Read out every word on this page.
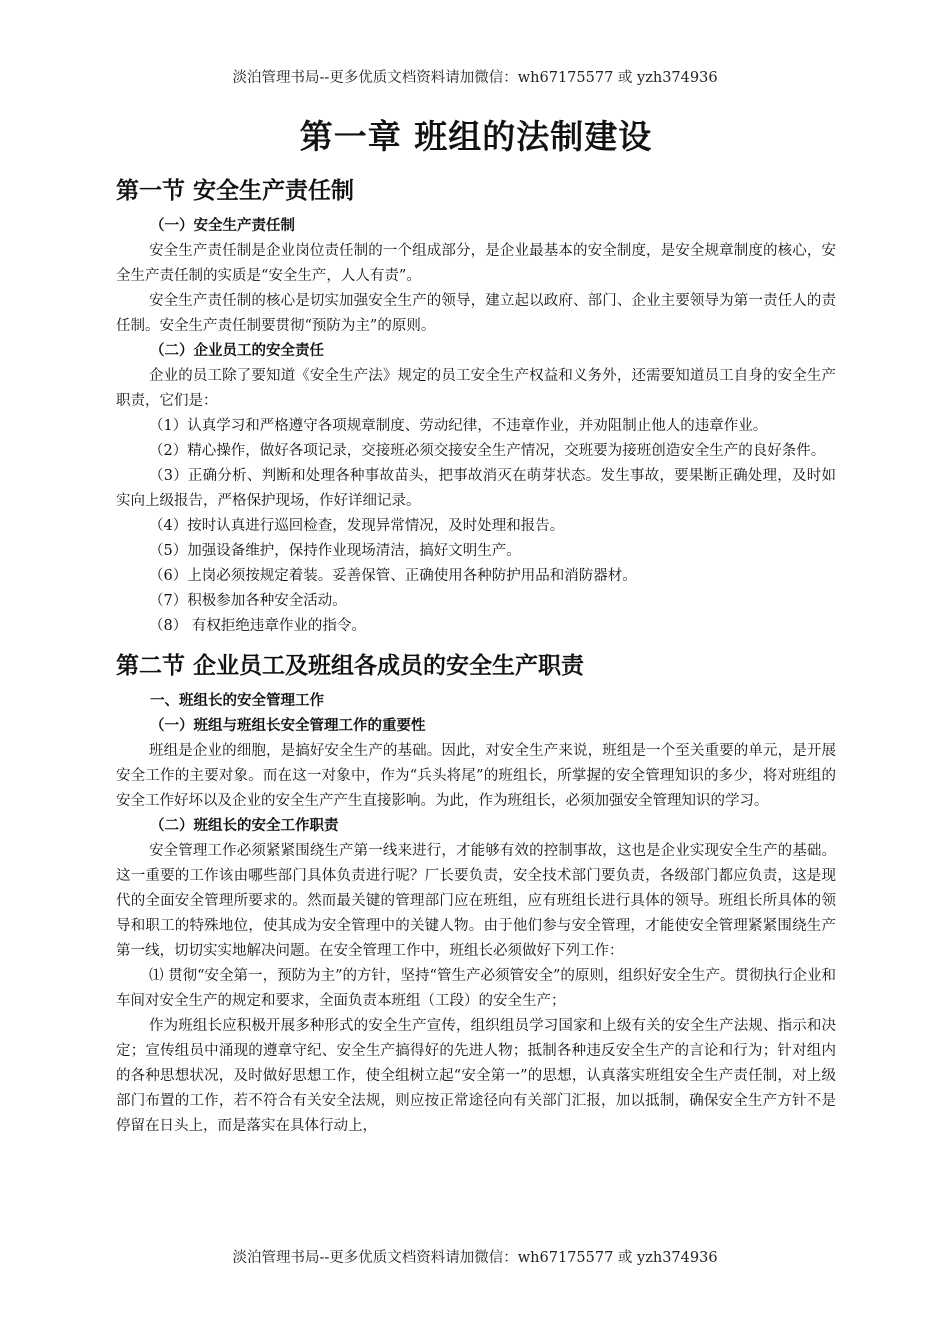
淡泊管理书局--更多优质文档资料请加微信：wh67175577 或 yzh374936
第一章 班组的法制建设
第一节 安全生产责任制
（一）安全生产责任制

安全生产责任制是企业岗位责任制的一个组成部分，是企业最基本的安全制度，是安全规章制度的核心，安全生产责任制的实质是“安全生产，人人有责”。

安全生产责任制的核心是切实加强安全生产的领导，建立起以政府、部门、企业主要领导为第一责任人的责任制。安全生产责任制要贯彻“预防为主”的原则。

（二）企业员工的安全责任

企业的员工除了要知道《安全生产法》规定的员工安全生产权益和义务外，还需要知道员工自身的安全生产职责，它们是：

（1）认真学习和严格遵守各项规章制度、劳动纪律，不违章作业，并劝阻制止他人的违章作业。

（2）精心操作，做好各项记录，交接班必须交接安全生产情况，交班要为接班创造安全生产的良好条件。

（3）正确分析、判断和处理各种事故苗头，把事故消灭在萌芽状态。发生事故，要果断正确处理，及时如实向上级报告，严格保护现场，作好详细记录。

（4）按时认真进行巡回检查，发现异常情况，及时处理和报告。

（5）加强设备维护，保持作业现场清洁，搞好文明生产。

（6）上岗必须按规定着装。妥善保管、正确使用各种防护用品和消防器材。

（7）积极参加各种安全活动。

（8） 有权拒绝违章作业的指令。

第二节 企业员工及班组各成员的安全生产职责
一、班组长的安全管理工作
（一）班组与班组长安全管理工作的重要性

班组是企业的细胞，是搞好安全生产的基础。因此，对安全生产来说，班组是一个至关重要的单元，是开展安全工作的主要对象。而在这一对象中，作为“兵头将尾”的班组长，所掌握的安全管理知识的多少，将对班组的安全工作好坏以及企业的安全生产产生直接影响。为此，作为班组长，必须加强安全管理知识的学习。

（二）班组长的安全工作职责

安全管理工作必须紧紧围绕生产第一线来进行，才能够有效的控制事故，这也是企业实现安全生产的基础。这一重要的工作该由哪些部门具体负责进行呢？厂长要负责，安全技术部门要负责，各级部门都应负责，这是现代的全面安全管理所要求的。然而最关键的管理部门应在班组，应有班组长进行具体的领导。班组长所具体的领导和职工的特殊地位，使其成为安全管理中的关键人物。由于他们参与安全管理，才能使安全管理紧紧围绕生产第一线，切切实实地解决问题。在安全管理工作中，班组长必须做好下列工作：

⑴ 贯彻“安全第一，预防为主”的方针，坚持“管生产必须管安全”的原则，组织好安全生产。贯彻执行企业和车间对安全生产的规定和要求，全面负责本班组（工段）的安全生产；

作为班组长应积极开展多种形式的安全生产宣传，组织组员学习国家和上级有关的安全生产法规、指示和决定；宣传组员中涌现的遵章守纪、安全生产搞得好的先进人物；抵制各种违反安全生产的言论和行为；针对组内的各种思想状况，及时做好思想工作，使全组树立起“安全第一”的思想，认真落实班组安全生产责任制，对上级部门布置的工作，若不符合有关安全法规，则应按正常途径向有关部门汇报，加以抵制，确保安全生产方针不是停留在日头上，而是落实在具体行动上，

淡泊管理书局--更多优质文档资料请加微信：wh67175577 或 yzh374936
